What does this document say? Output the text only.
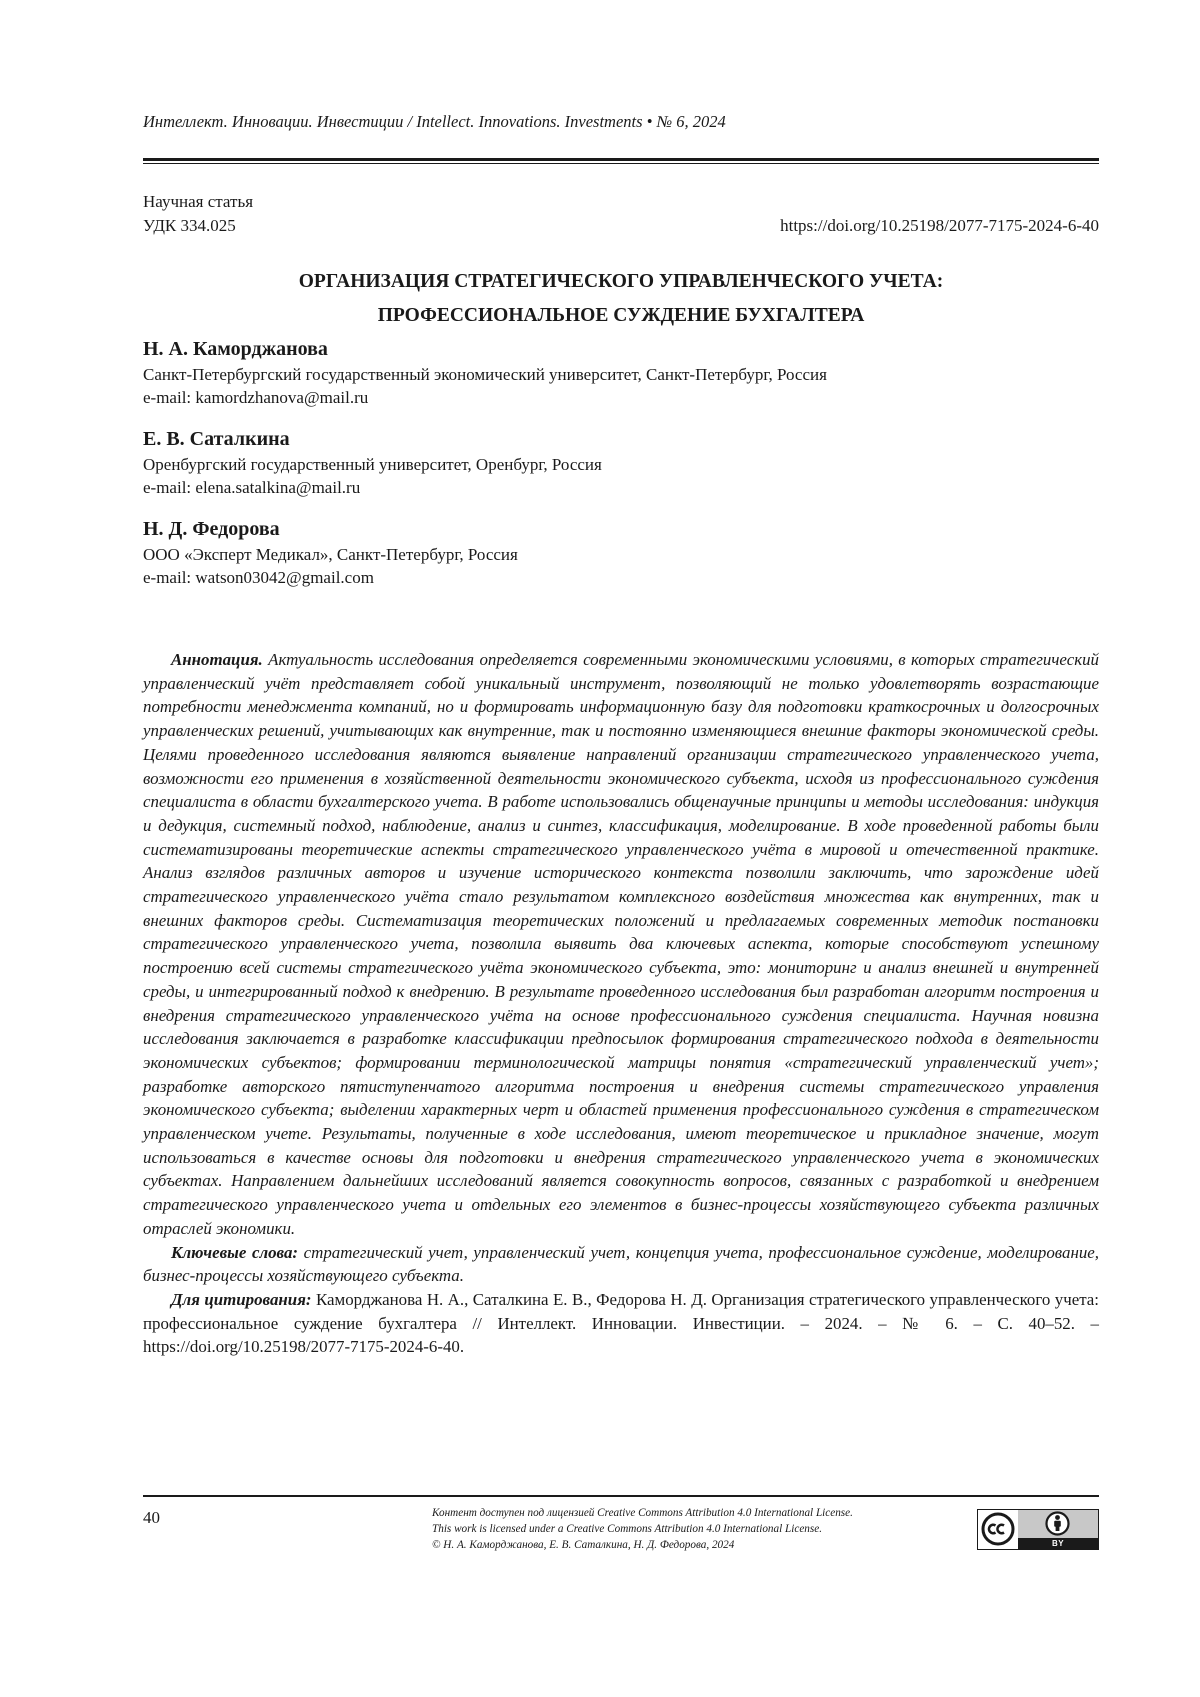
Интеллект. Инновации. Инвестиции / Intellect. Innovations. Investments • № 6, 2024
Научная статья
УДК 334.025	https://doi.org/10.25198/2077-7175-2024-6-40
ОРГАНИЗАЦИЯ СТРАТЕГИЧЕСКОГО УПРАВЛЕНЧЕСКОГО УЧЕТА:
ПРОФЕССИОНАЛЬНОЕ СУЖДЕНИЕ БУХГАЛТЕРА
Н. А. Каморджанова
Санкт-Петербургский государственный экономический университет, Санкт-Петербург, Россия
e-mail: kamordzhanova@mail.ru
Е. В. Саталкина
Оренбургский государственный университет, Оренбург, Россия
e-mail: elena.satalkina@mail.ru
Н. Д. Федорова
ООО «Эксперт Медикал», Санкт-Петербург, Россия
e-mail: watson03042@gmail.com

Аннотация. Актуальность исследования определяется современными экономическими условиями, в которых стратегический управленческий учёт представляет собой уникальный инструмент, позволяющий не только удовлетворять возрастающие потребности менеджмента компаний, но и формировать информационную базу для подготовки краткосрочных и долгосрочных управленческих решений, учитывающих как внутренние, так и постоянно изменяющиеся внешние факторы экономической среды. Целями проведенного исследования являются выявление направлений организации стратегического управленческого учета, возможности его применения в хозяйственной деятельности экономического субъекта, исходя из профессионального суждения специалиста в области бухгалтерского учета. В работе использовались общенаучные принципы и методы исследования: индукция и дедукция, системный подход, наблюдение, анализ и синтез, классификация, моделирование. В ходе проведенной работы были систематизированы теоретические аспекты стратегического управленческого учёта в мировой и отечественной практике. Анализ взглядов различных авторов и изучение исторического контекста позволили заключить, что зарождение идей стратегического управленческого учёта стало результатом комплексного воздействия множества как внутренних, так и внешних факторов среды. Систематизация теоретических положений и предлагаемых современных методик постановки стратегического управленческого учета, позволила выявить два ключевых аспекта, которые способствуют успешному построению всей системы стратегического учёта экономического субъекта, это: мониторинг и анализ внешней и внутренней среды, и интегрированный подход к внедрению. В результате проведенного исследования был разработан алгоритм построения и внедрения стратегического управленческого учёта на основе профессионального суждения специалиста. Научная новизна исследования заключается в разработке классификации предпосылок формирования стратегического подхода в деятельности экономических субъектов; формировании терминологической матрицы понятия «стратегический управленческий учет»; разработке авторского пятиступенчатого алгоритма построения и внедрения системы стратегического управления экономического субъекта; выделении характерных черт и областей применения профессионального суждения в стратегическом управленческом учете. Результаты, полученные в ходе исследования, имеют теоретическое и прикладное значение, могут использоваться в качестве основы для подготовки и внедрения стратегического управленческого учета в экономических субъектах. Направлением дальнейших исследований является совокупность вопросов, связанных с разработкой и внедрением стратегического управленческого учета и отдельных его элементов в бизнес-процессы хозяйствующего субъекта различных отраслей экономики.

Ключевые слова: стратегический учет, управленческий учет, концепция учета, профессиональное суждение, моделирование, бизнес-процессы хозяйствующего субъекта.

Для цитирования: Каморджанова Н. А., Саталкина Е. В., Федорова Н. Д. Организация стратегического управленческого учета: профессиональное суждение бухгалтера // Интеллект. Инновации. Инвестиции. – 2024. – № 6. – С. 40–52. – https://doi.org/10.25198/2077-7175-2024-6-40.

40	Контент доступен под лицензией Creative Commons Attribution 4.0 International License.
This work is licensed under a Creative Commons Attribution 4.0 International License.
© Н. А. Каморджанова, Е. В. Саталкина, Н. Д. Федорова, 2024	BY
